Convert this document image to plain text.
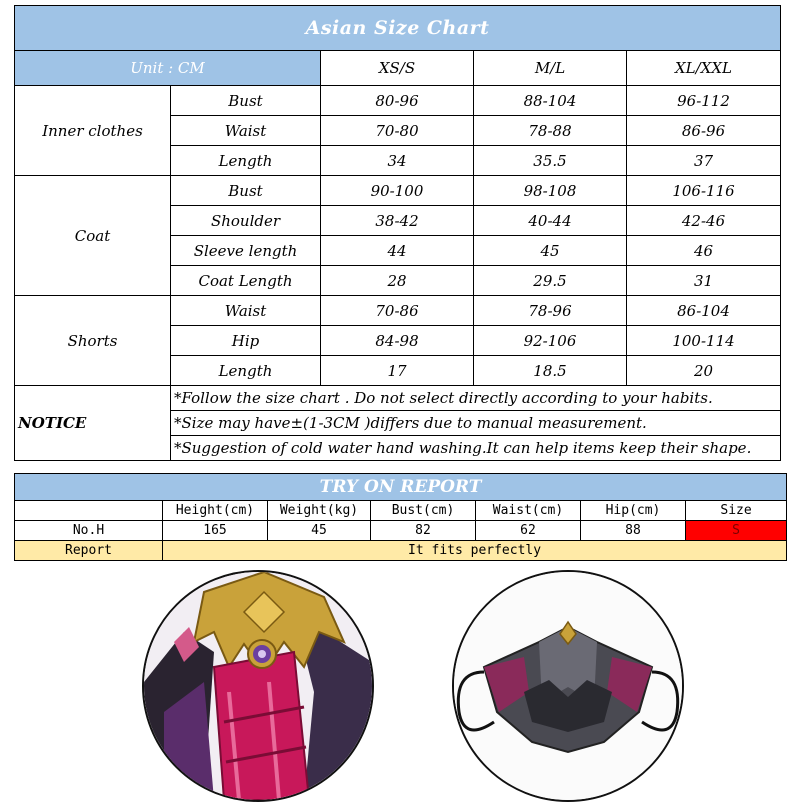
Asian Size Chart				
Unit : CM		XS/S	M/L	XL/XXL
Inner clothes	Bust	80-96	88-104	96-112
	Waist	70-80	78-88	86-96
	Length	34	35.5	37
Coat	Bust	90-100	98-108	106-116
	Shoulder	38-42	40-44	42-46
	Sleeve length	44	45	46
	Coat Length	28	29.5	31
Shorts	Waist	70-86	78-96	86-104
	Hip	84-98	92-106	100-114
	Length	17	18.5	20
NOTICE	*Follow the size chart . Do not select directly according to your habits.			
	*Size may have±(1-3CM )differs due to manual measurement.			
	*Suggestion of cold water hand washing.It can help items keep their shape.			
TRY ON REPORT						
	Height(cm)	Weight(kg)	Bust(cm)	Waist(cm)	Hip(cm)	Size
No.H	165	45	82	62	88	S
Report	It fits perfectly					
